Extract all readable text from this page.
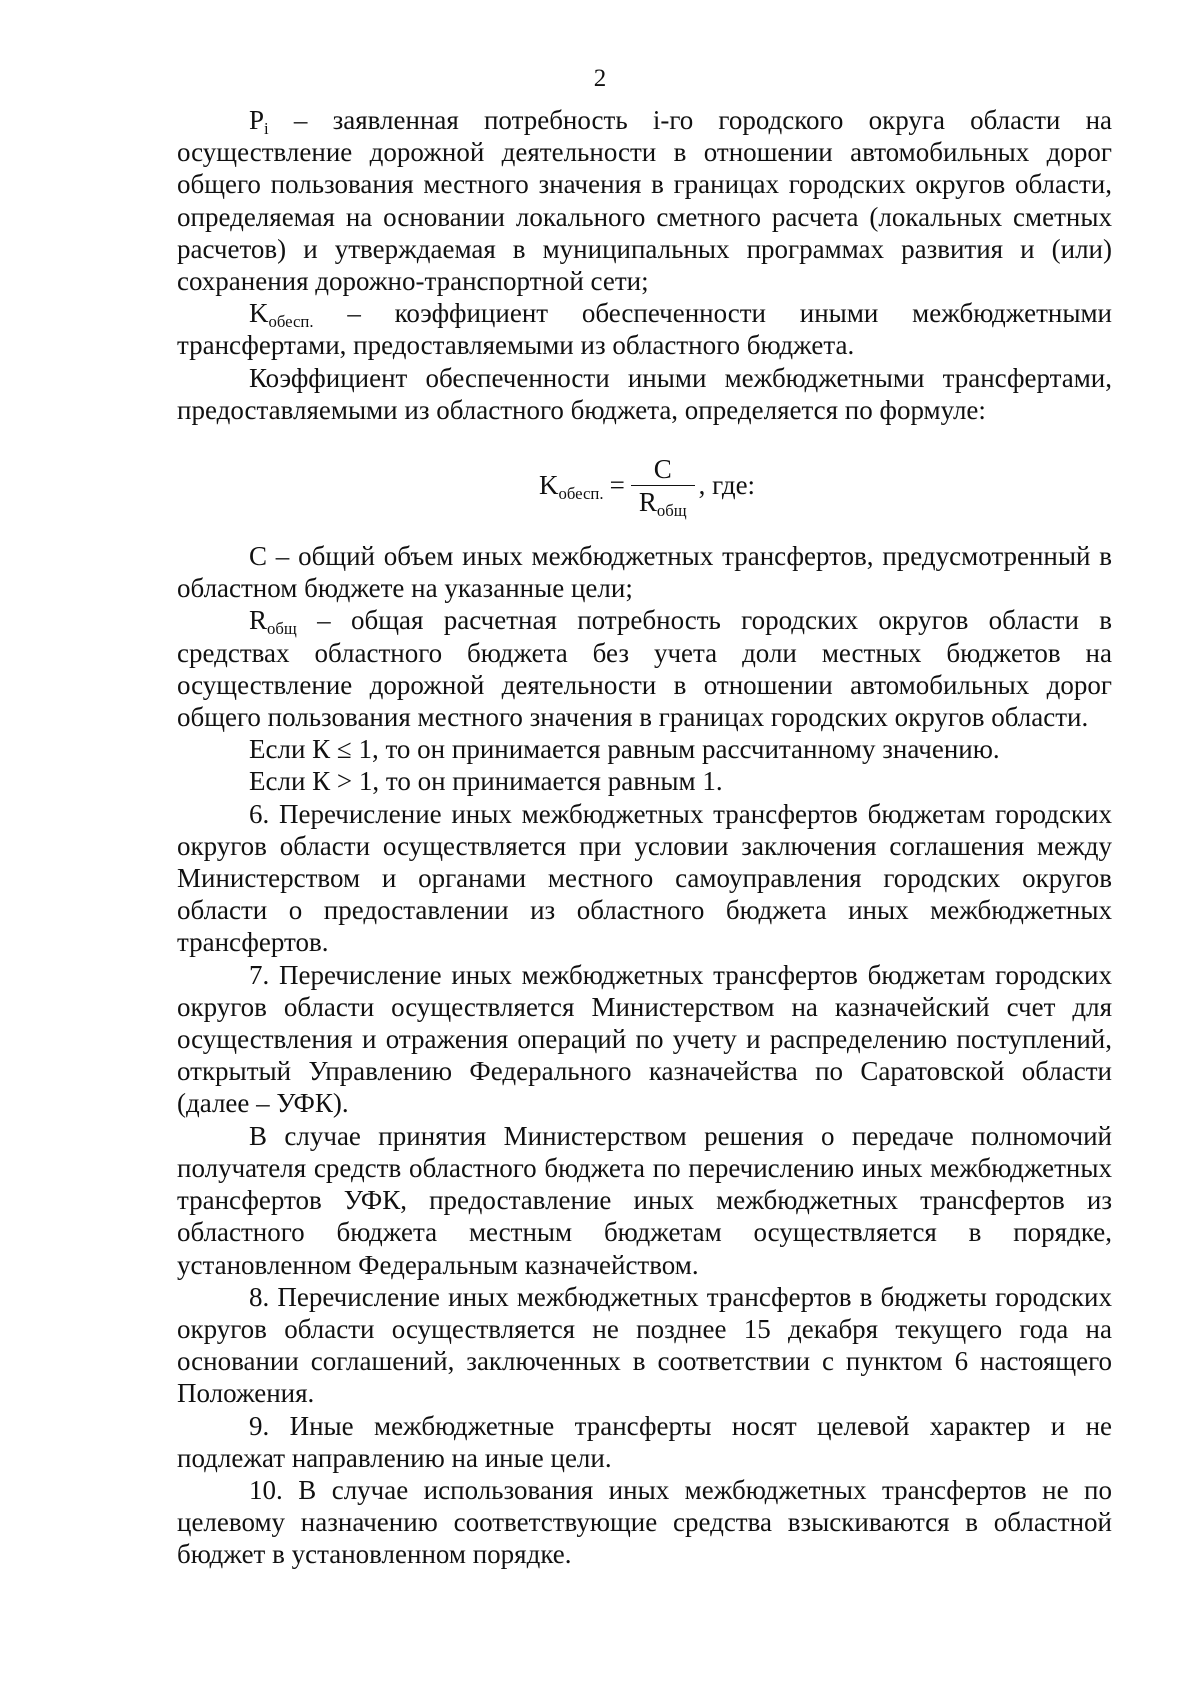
2

$P_i$ – заявленная потребность i-го городского округа области на осуществление дорожной деятельности в отношении автомобильных дорог общего пользования местного значения в границах городских округов области, определяемая на основании локального сметного расчета (локальных сметных расчетов) и утверждаемая в муниципальных программах развития и (или) сохранения дорожно-транспортной сети;

$K_{обесп.}$ – коэффициент обеспеченности иными межбюджетными трансфертами, предоставляемыми из областного бюджета.

Коэффициент обеспеченности иными межбюджетными трансфертами, предоставляемыми из областного бюджета, определяется по формуле:

$K_{обесп.} = \frac{С}{R_{общ}}$ , где:

С – общий объем иных межбюджетных трансфертов, предусмотренный в областном бюджете на указанные цели;

$R_{общ}$ – общая расчетная потребность городских округов области в средствах областного бюджета без учета доли местных бюджетов на осуществление дорожной деятельности в отношении автомобильных дорог общего пользования местного значения в границах городских округов области.

Если К ≤ 1, то он принимается равным рассчитанному значению.

Если К > 1, то он принимается равным 1.

6. Перечисление иных межбюджетных трансфертов бюджетам городских округов области осуществляется при условии заключения соглашения между Министерством и органами местного самоуправления городских округов области о предоставлении из областного бюджета иных межбюджетных трансфертов.

7. Перечисление иных межбюджетных трансфертов бюджетам городских округов области осуществляется Министерством на казначейский счет для осуществления и отражения операций по учету и распределению поступлений, открытый Управлению Федерального казначейства по Саратовской области (далее – УФК).

В случае принятия Министерством решения о передаче полномочий получателя средств областного бюджета по перечислению иных межбюджетных трансфертов УФК, предоставление иных межбюджетных трансфертов из областного бюджета местным бюджетам осуществляется в порядке, установленном Федеральным казначейством.

8. Перечисление иных межбюджетных трансфертов в бюджеты городских округов области осуществляется не позднее 15 декабря текущего года на основании соглашений, заключенных в соответствии с пунктом 6 настоящего Положения.

9. Иные межбюджетные трансферты носят целевой характер и не подлежат направлению на иные цели.

10. В случае использования иных межбюджетных трансфертов не по целевому назначению соответствующие средства взыскиваются в областной бюджет в установленном порядке.
